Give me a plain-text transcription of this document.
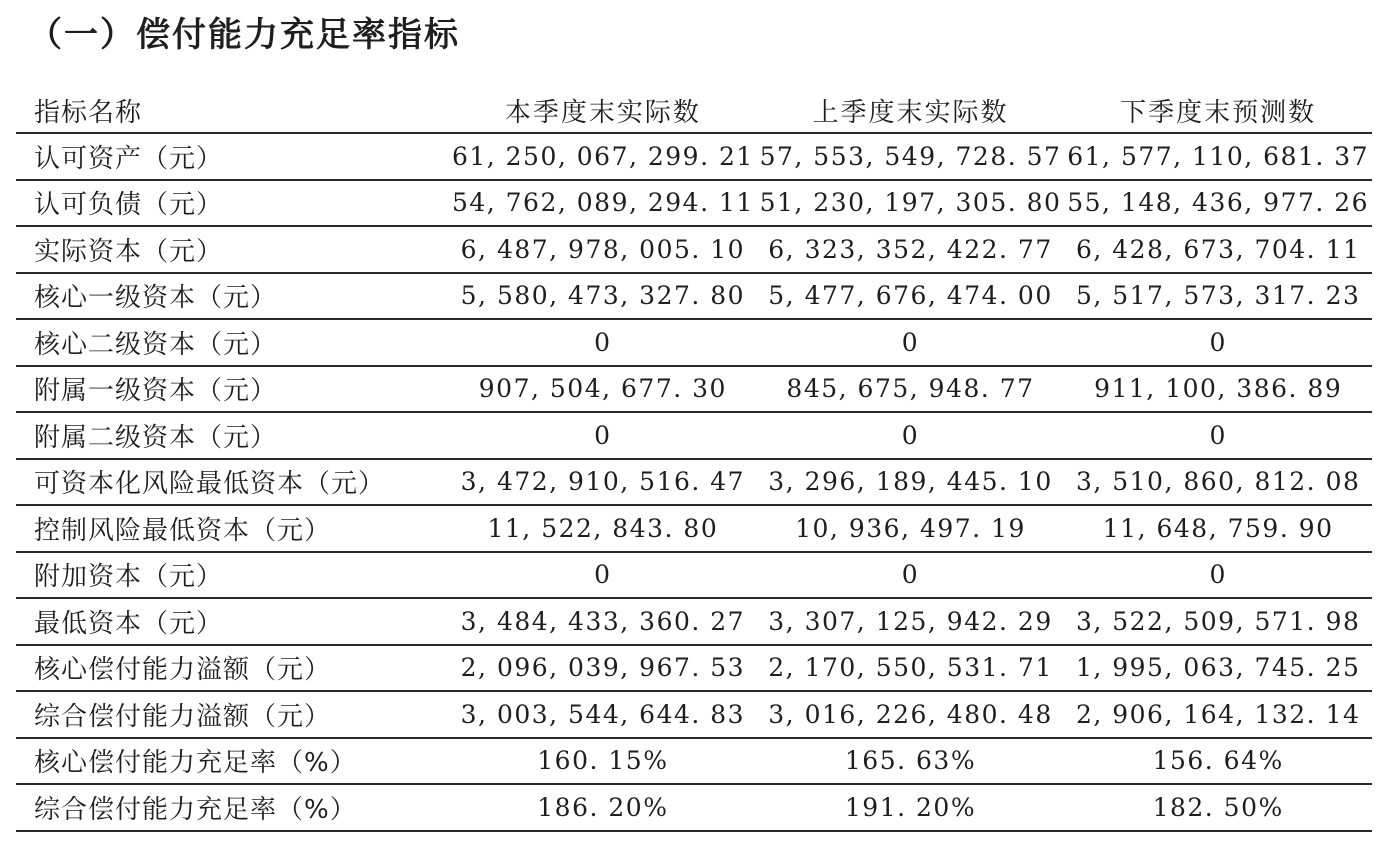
（一）偿付能力充足率指标
指标名称	本季度末实际数	上季度末实际数	下季度末预测数
认可资产（元）	61, 250, 067, 299. 21	57, 553, 549, 728. 57	61, 577, 110, 681. 37
认可负债（元）	54, 762, 089, 294. 11	51, 230, 197, 305. 80	55, 148, 436, 977. 26
实际资本（元）	6, 487, 978, 005. 10	6, 323, 352, 422. 77	6, 428, 673, 704. 11
核心一级资本（元）	5, 580, 473, 327. 80	5, 477, 676, 474. 00	5, 517, 573, 317. 23
核心二级资本（元）	0	0	0
附属一级资本（元）	907, 504, 677. 30	845, 675, 948. 77	911, 100, 386. 89
附属二级资本（元）	0	0	0
可资本化风险最低资本（元）	3, 472, 910, 516. 47	3, 296, 189, 445. 10	3, 510, 860, 812. 08
控制风险最低资本（元）	11, 522, 843. 80	10, 936, 497. 19	11, 648, 759. 90
附加资本（元）	0	0	0
最低资本（元）	3, 484, 433, 360. 27	3, 307, 125, 942. 29	3, 522, 509, 571. 98
核心偿付能力溢额（元）	2, 096, 039, 967. 53	2, 170, 550, 531. 71	1, 995, 063, 745. 25
综合偿付能力溢额（元）	3, 003, 544, 644. 83	3, 016, 226, 480. 48	2, 906, 164, 132. 14
核心偿付能力充足率（%）	160. 15%	165. 63%	156. 64%
综合偿付能力充足率（%）	186. 20%	191. 20%	182. 50%
